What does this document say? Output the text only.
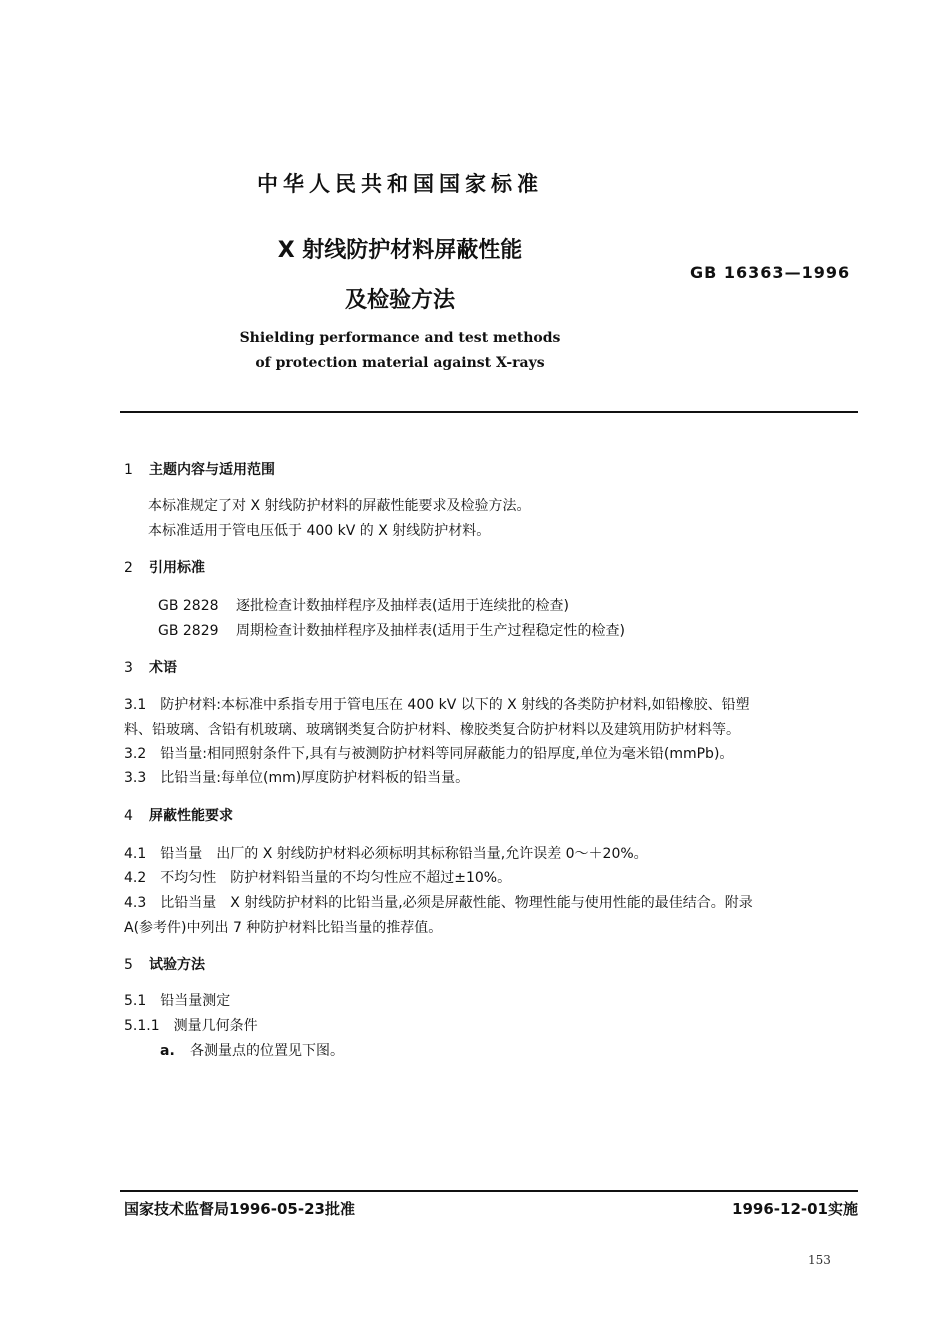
中华人民共和国国家标准
X 射线防护材料屏蔽性能
及检验方法
GB 16363—1996
Shielding performance and test methods
of protection material against X-rays
1 主题内容与适用范围
本标准规定了对 X 射线防护材料的屏蔽性能要求及检验方法。
本标准适用于管电压低于 400 kV 的 X 射线防护材料。
2 引用标准
GB 2828 逐批检查计数抽样程序及抽样表(适用于连续批的检查)
GB 2829 周期检查计数抽样程序及抽样表(适用于生产过程稳定性的检查)
3 术语
3.1　防护材料:本标准中系指专用于管电压在 400 kV 以下的 X 射线的各类防护材料,如铅橡胶、铅塑
料、铅玻璃、含铅有机玻璃、玻璃钢类复合防护材料、橡胶类复合防护材料以及建筑用防护材料等。
3.2　铅当量:相同照射条件下,具有与被测防护材料等同屏蔽能力的铅厚度,单位为毫米铅(mmPb)。
3.3　比铅当量:每单位(mm)厚度防护材料板的铅当量。
4 屏蔽性能要求
4.1　铅当量　出厂的 X 射线防护材料必须标明其标称铅当量,允许误差 0～＋20%。
4.2　不均匀性　防护材料铅当量的不均匀性应不超过±10%。
4.3　比铅当量　X 射线防护材料的比铅当量,必须是屏蔽性能、物理性能与使用性能的最佳结合。附录
A(参考件)中列出 7 种防护材料比铅当量的推荐值。
5 试验方法
5.1　铅当量测定
5.1.1　测量几何条件
a. 各测量点的位置见下图。
国家技术监督局1996-05-23批准	1996-12-01实施
153
